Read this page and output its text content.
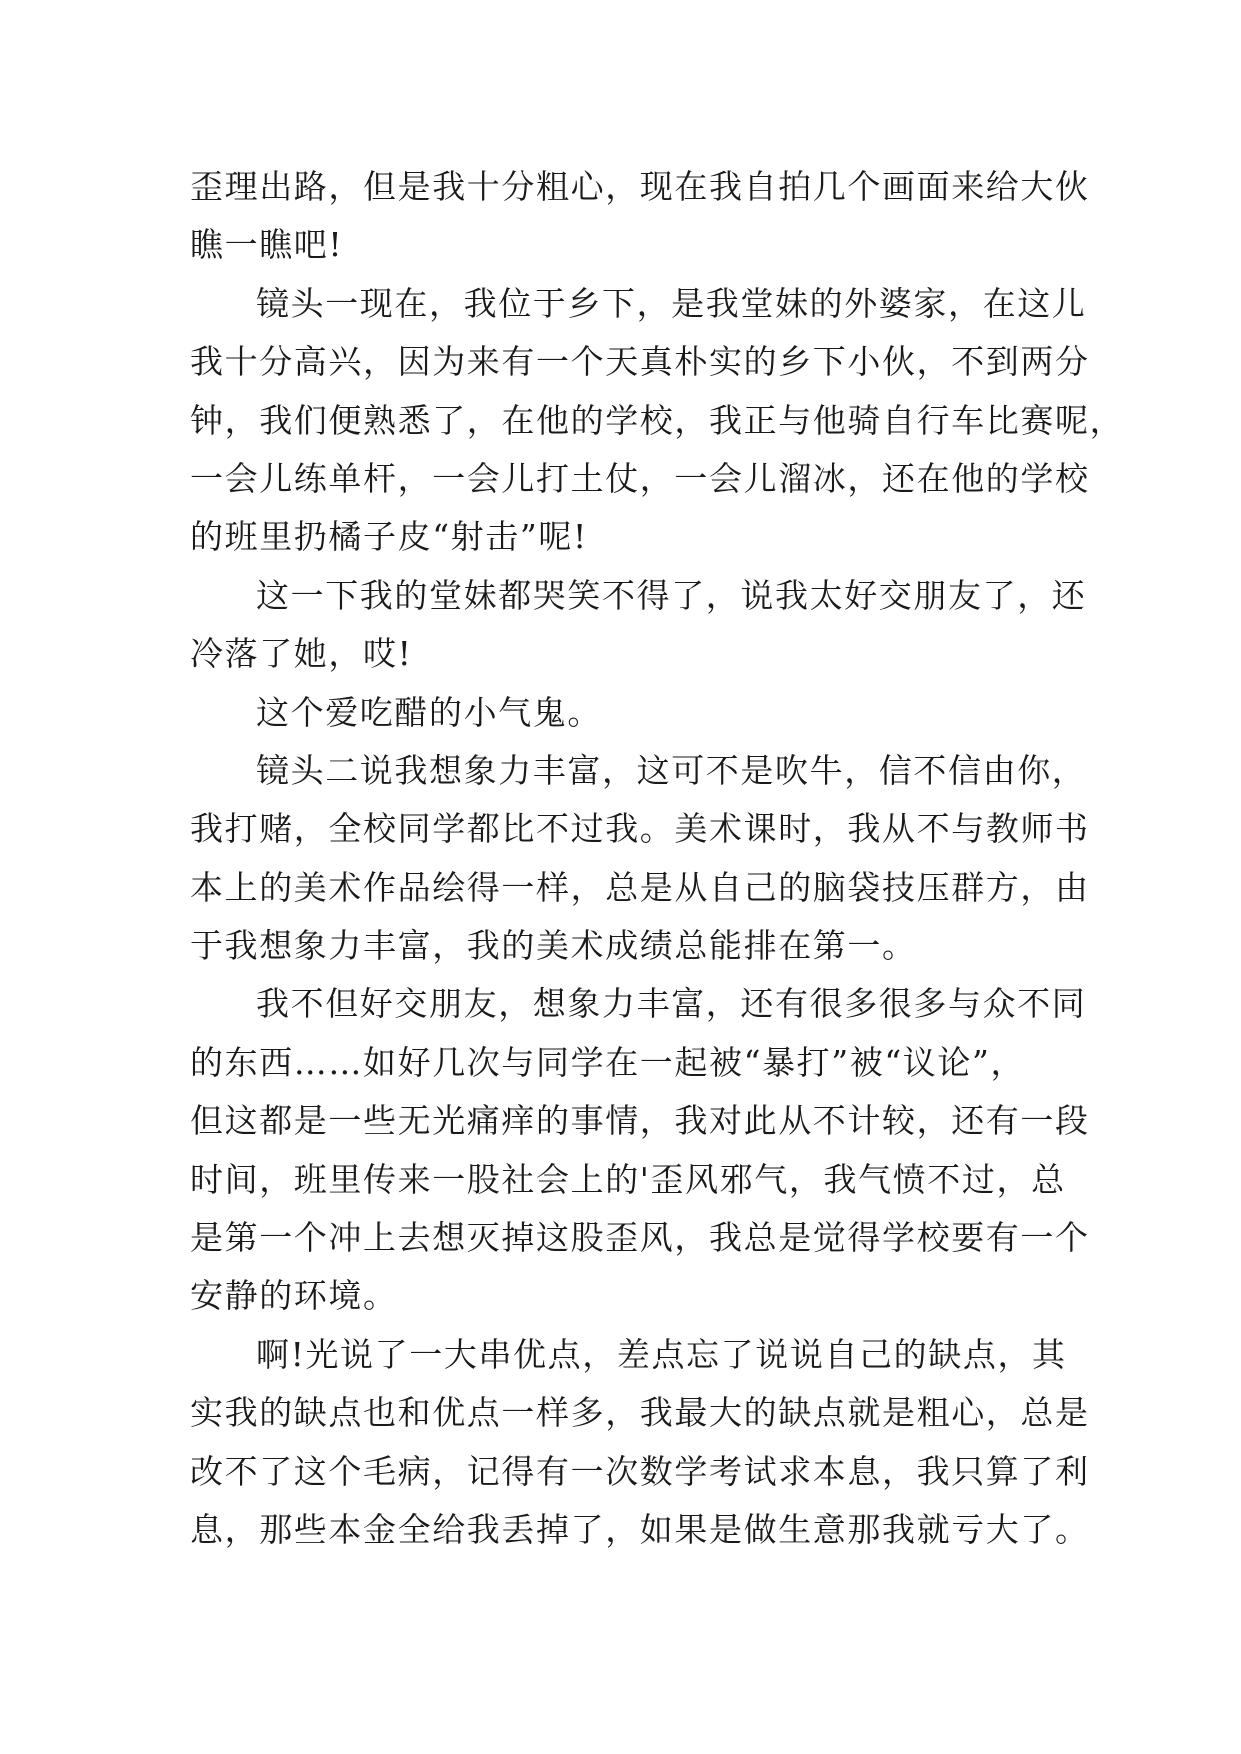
歪理出路，但是我十分粗心，现在我自拍几个画面来给大伙
瞧一瞧吧!
镜头一现在，我位于乡下，是我堂妹的外婆家，在这儿
我十分高兴，因为来有一个天真朴实的乡下小伙，不到两分
钟，我们便熟悉了，在他的学校，我正与他骑自行车比赛呢，
一会儿练单杆，一会儿打土仗，一会儿溜冰，还在他的学校
的班里扔橘子皮“射击”呢!
这一下我的堂妹都哭笑不得了，说我太好交朋友了，还
冷落了她，哎!
这个爱吃醋的小气鬼。
镜头二说我想象力丰富，这可不是吹牛，信不信由你，
我打赌，全校同学都比不过我。美术课时，我从不与教师书
本上的美术作品绘得一样，总是从自己的脑袋技压群方，由
于我想象力丰富，我的美术成绩总能排在第一。
我不但好交朋友，想象力丰富，还有很多很多与众不同
的东西……如好几次与同学在一起被“暴打”被“议论”，
但这都是一些无光痛痒的事情，我对此从不计较，还有一段
时间，班里传来一股社会上的'歪风邪气，我气愤不过，总
是第一个冲上去想灭掉这股歪风，我总是觉得学校要有一个
安静的环境。
啊!光说了一大串优点，差点忘了说说自己的缺点，其
实我的缺点也和优点一样多，我最大的缺点就是粗心，总是
改不了这个毛病，记得有一次数学考试求本息，我只算了利
息，那些本金全给我丢掉了，如果是做生意那我就亏大了。
